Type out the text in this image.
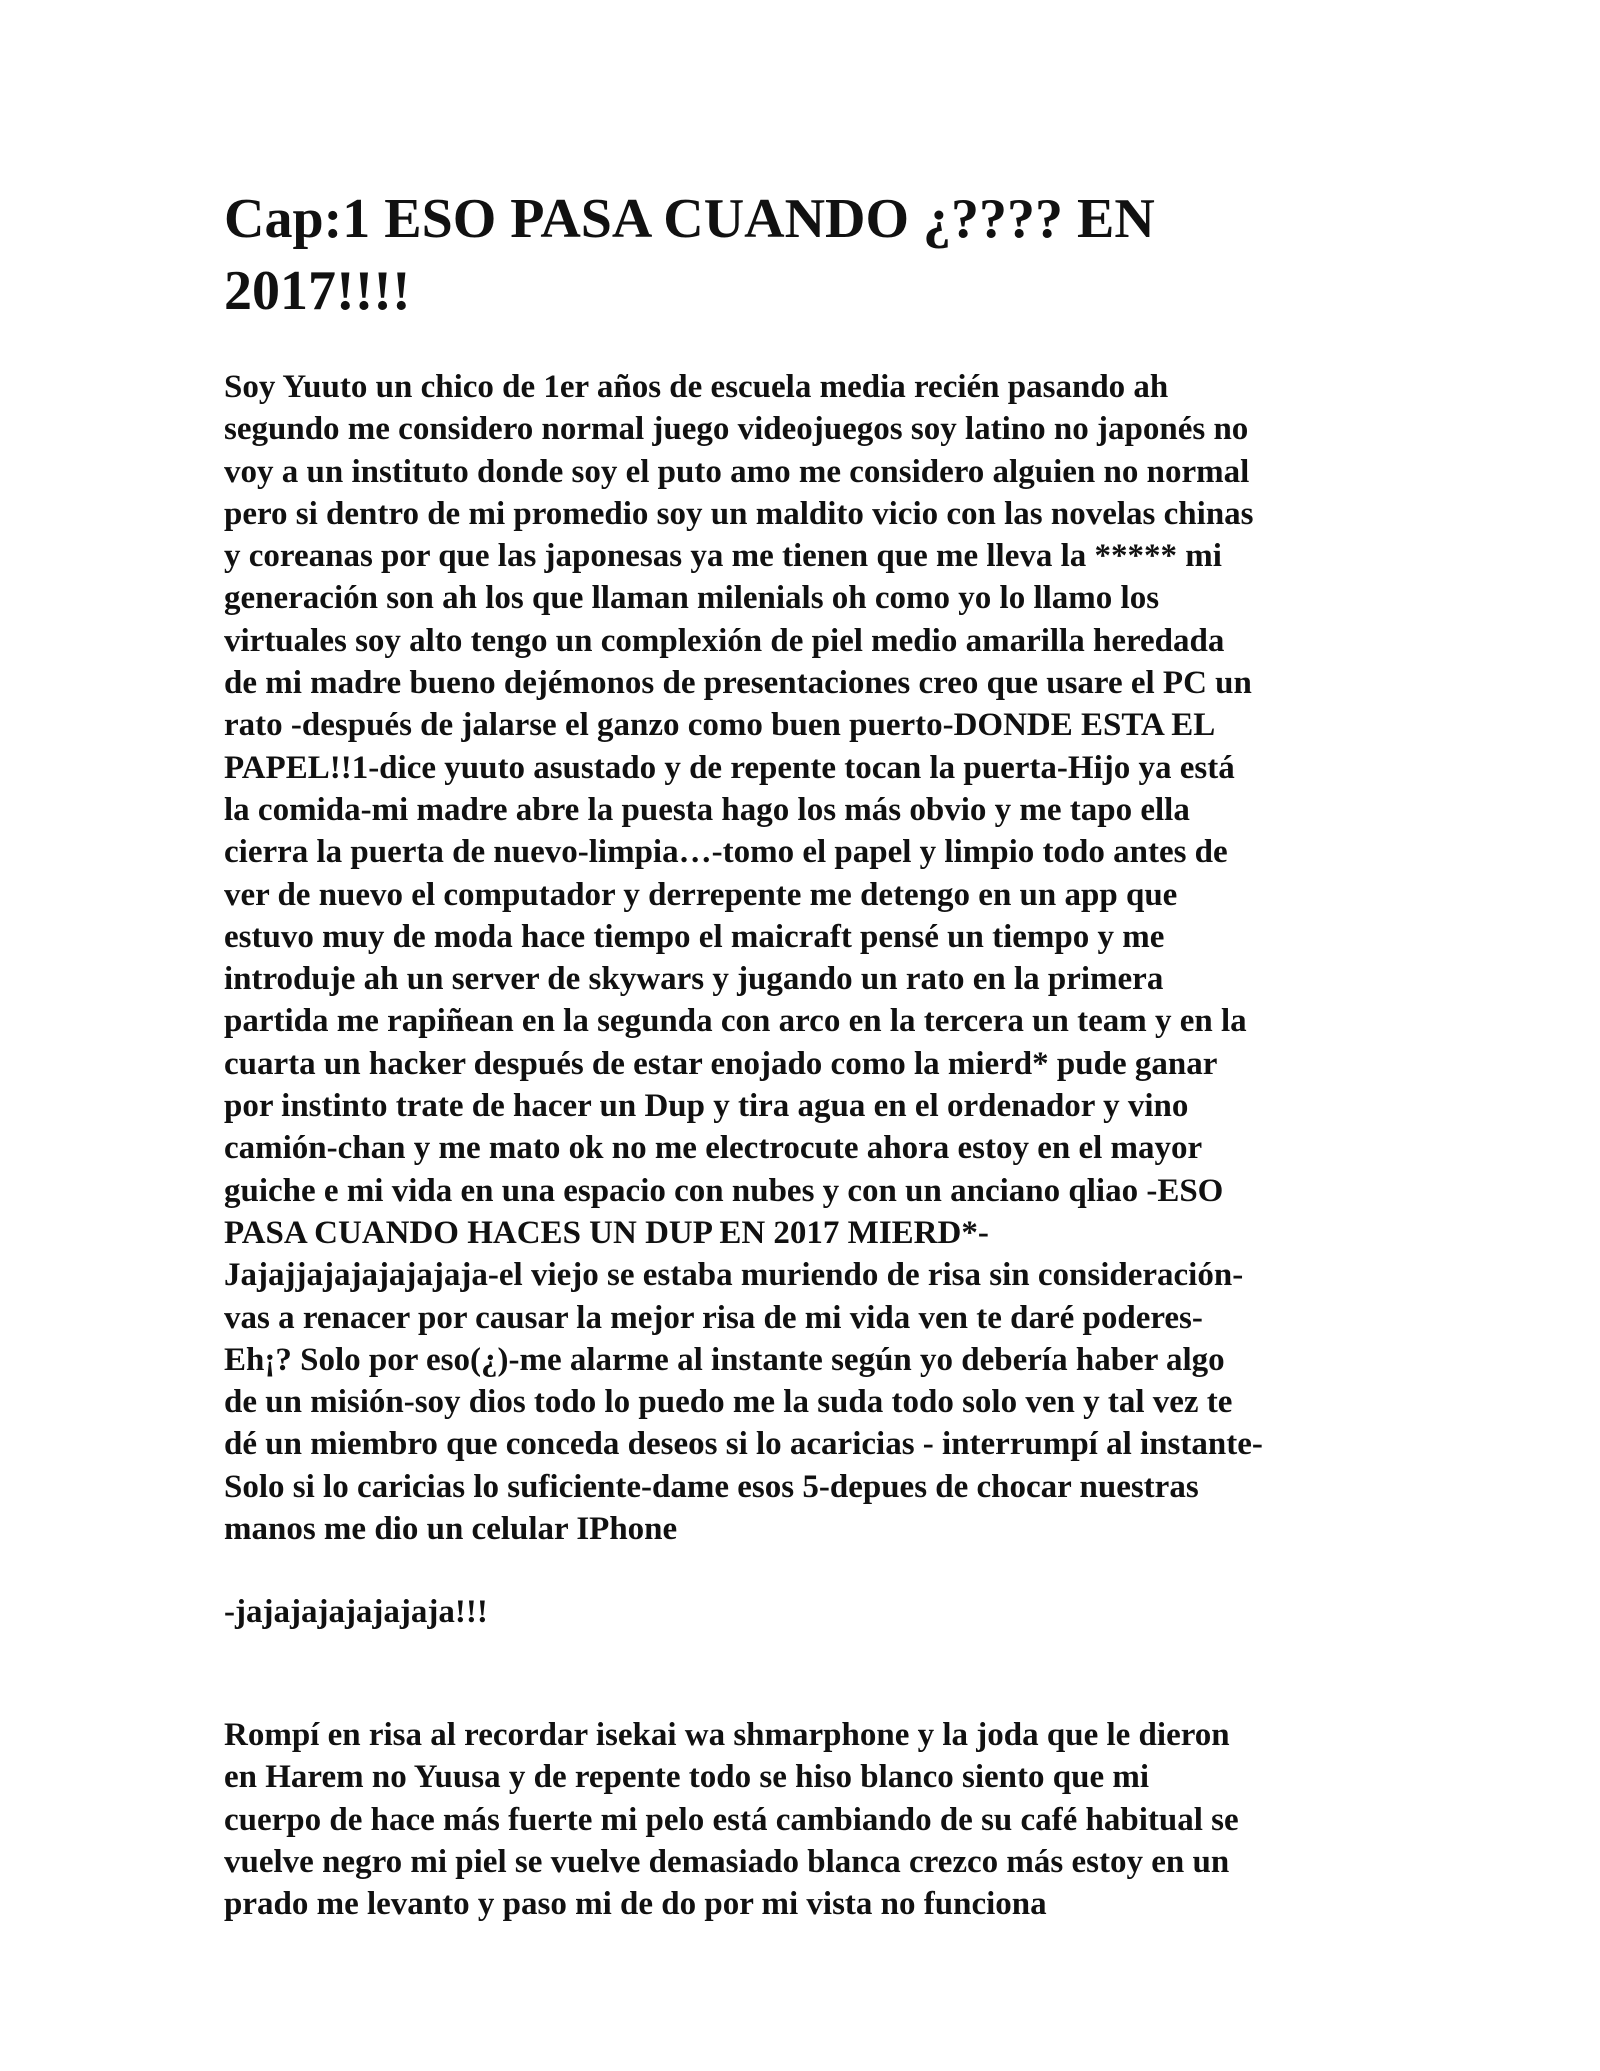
Cap:1 ESO PASA CUANDO ¿???? EN
2017!!!!
Soy Yuuto un chico de 1er años de escuela media recién pasando ah
segundo me considero normal juego videojuegos soy latino no japonés no
voy a un instituto donde soy el puto amo me considero alguien no normal
pero si dentro de mi promedio soy un maldito vicio con las novelas chinas
y coreanas por que las japonesas ya me tienen que me lleva la ***** mi
generación son ah los que llaman milenials oh como yo lo llamo los
virtuales soy alto tengo un complexión de piel medio amarilla heredada
de mi madre bueno dejémonos de presentaciones creo que usare el PC un
rato -después de jalarse el ganzo como buen puerto-DONDE ESTA EL
PAPEL!!1-dice yuuto asustado y de repente tocan la puerta-Hijo ya está
la comida-mi madre abre la puesta hago los más obvio y me tapo ella
cierra la puerta de nuevo-limpia…-tomo el papel y limpio todo antes de
ver de nuevo el computador y derrepente me detengo en un app que
estuvo muy de moda hace tiempo el maicraft pensé un tiempo y me
introduje ah un server de skywars y jugando un rato en la primera
partida me rapiñean en la segunda con arco en la tercera un team y en la
cuarta un hacker después de estar enojado como la mierd* pude ganar
por instinto trate de hacer un Dup y tira agua en el ordenador y vino
camión-chan y me mato ok no me electrocute ahora estoy en el mayor
guiche e mi vida en una espacio con nubes y con un anciano qliao -ESO
PASA CUANDO HACES UN DUP EN 2017 MIERD*-
Jajajjajajajajajaja-el viejo se estaba muriendo de risa sin consideración-
vas a renacer por causar la mejor risa de mi vida ven te daré poderes-
Eh¡? Solo por eso(¿)-me alarme al instante según yo debería haber algo
de un misión-soy dios todo lo puedo me la suda todo solo ven y tal vez te
dé un miembro que conceda deseos si lo acaricias - interrumpí al instante-
Solo si lo caricias lo suficiente-dame esos 5-depues de chocar nuestras
manos me dio un celular IPhone
-jajajajajajajaja!!!
Rompí en risa al recordar isekai wa shmarphone y la joda que le dieron
en Harem no Yuusa y de repente todo se hiso blanco siento que mi
cuerpo de hace más fuerte mi pelo está cambiando de su café habitual se
vuelve negro mi piel se vuelve demasiado blanca crezco más estoy en un
prado me levanto y paso mi de do por mi vista no funciona
